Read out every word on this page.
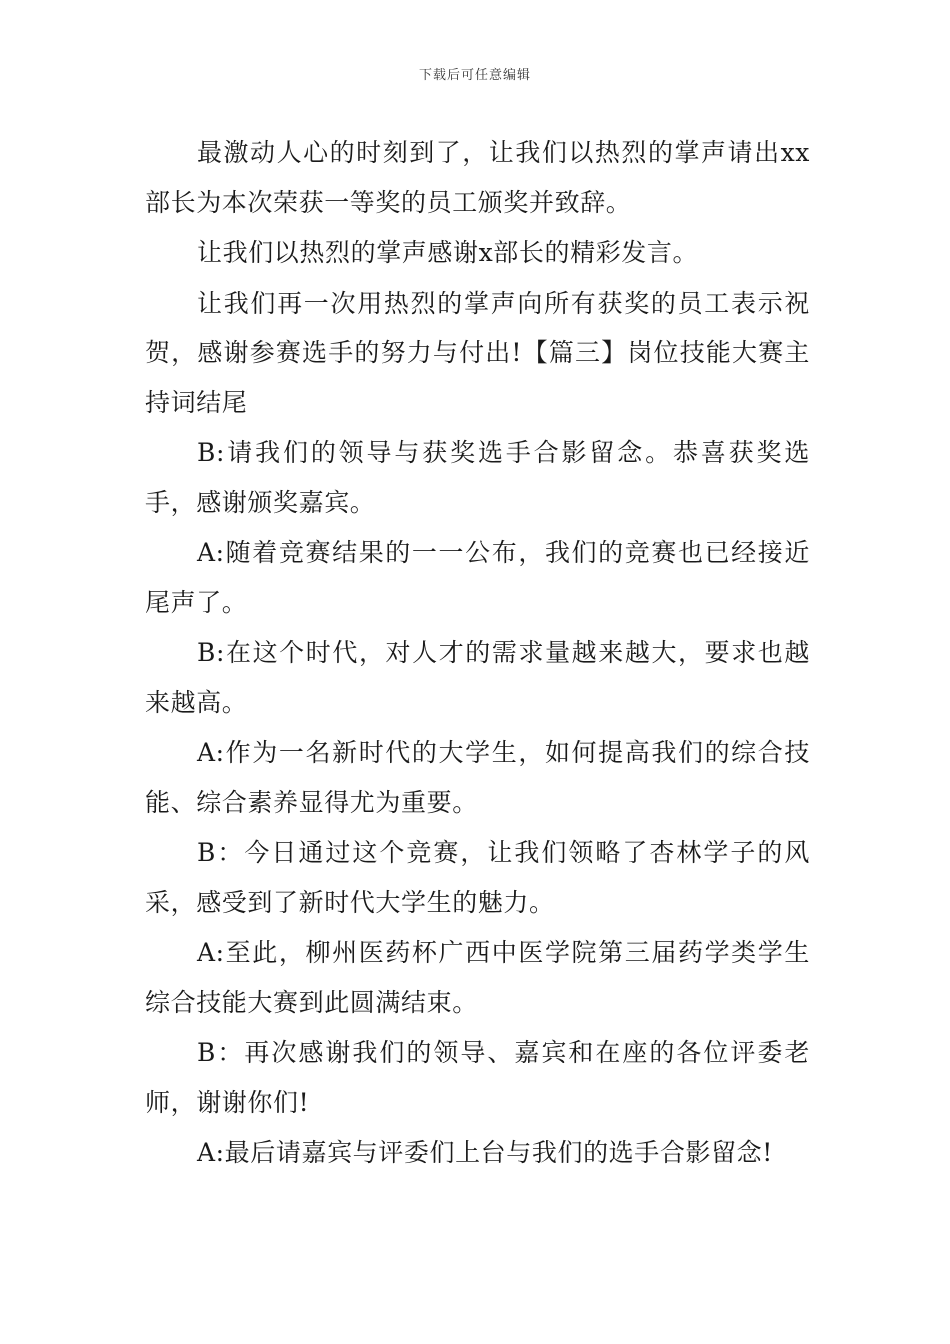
下载后可任意编辑

最激动人心的时刻到了，让我们以热烈的掌声请出xx部长为本次荣获一等奖的员工颁奖并致辞。

让我们以热烈的掌声感谢x部长的精彩发言。

让我们再一次用热烈的掌声向所有获奖的员工表示祝贺，感谢参赛选手的努力与付出!【篇三】岗位技能大赛主持词结尾

B:请我们的领导与获奖选手合影留念。恭喜获奖选手，感谢颁奖嘉宾。

A:随着竞赛结果的一一公布，我们的竞赛也已经接近尾声了。

B:在这个时代，对人才的需求量越来越大，要求也越来越高。

A:作为一名新时代的大学生，如何提高我们的综合技能、综合素养显得尤为重要。

B：今日通过这个竞赛，让我们领略了杏林学子的风采，感受到了新时代大学生的魅力。

A:至此，柳州医药杯广西中医学院第三届药学类学生综合技能大赛到此圆满结束。

B：再次感谢我们的领导、嘉宾和在座的各位评委老师，谢谢你们!

A:最后请嘉宾与评委们上台与我们的选手合影留念!
